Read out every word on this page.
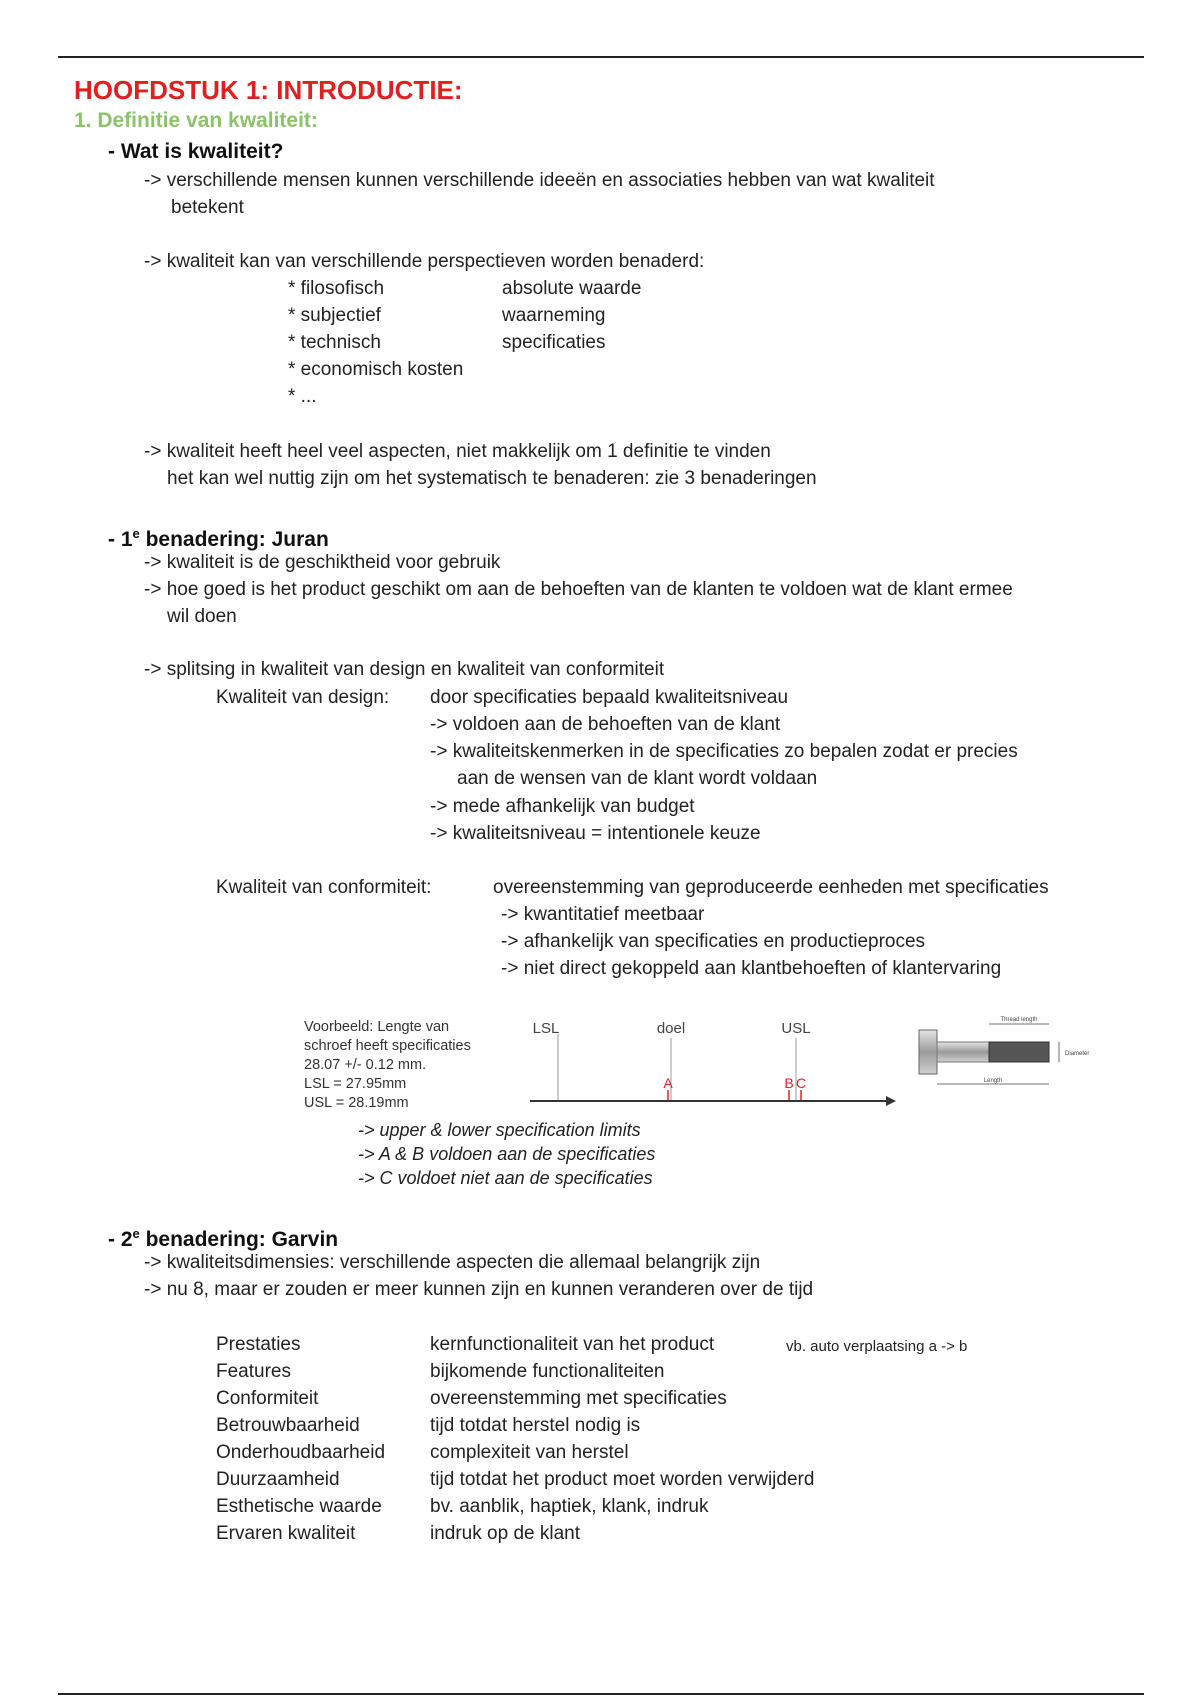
HOOFDSTUK 1: INTRODUCTIE:
1. Definitie van kwaliteit:
- Wat is kwaliteit?
-> verschillende mensen kunnen verschillende ideeën en associaties hebben van wat kwaliteit
betekent
-> kwaliteit kan van verschillende perspectieven worden benaderd:
* filosofisch	absolute waarde
* subjectief	waarneming
* technisch	specificaties
* economisch kosten
* ...
-> kwaliteit heeft heel veel aspecten, niet makkelijk om 1 definitie te vinden
het kan wel nuttig zijn om het systematisch te benaderen: zie 3 benaderingen
- 1e benadering: Juran
-> kwaliteit is de geschiktheid voor gebruik
-> hoe goed is het product geschikt om aan de behoeften van de klanten te voldoen wat de klant ermee
wil doen
-> splitsing in kwaliteit van design en kwaliteit van conformiteit
Kwaliteit van design: door specificaties bepaald kwaliteitsniveau
-> voldoen aan de behoeften van de klant
-> kwaliteitskenmerken in de specificaties zo bepalen zodat er precies
aan de wensen van de klant wordt voldaan
-> mede afhankelijk van budget
-> kwaliteitsniveau = intentionele keuze
Kwaliteit van conformiteit:	overeenstemming van geproduceerde eenheden met specificaties
-> kwantitatief meetbaar
-> afhankelijk van specificaties en productieproces
-> niet direct gekoppeld aan klantbehoeften of klantervaring
Voorbeeld: Lengte van
schroef heeft specificaties
28.07 +/- 0.12 mm.
LSL = 27.95mm
USL = 28.19mm
LSL	doel	USL
A	B C
Thread length
Diameter
Length
-> upper & lower specification limits
-> A & B voldoen aan de specificaties
-> C voldoet niet aan de specificaties
- 2e benadering: Garvin
-> kwaliteitsdimensies: verschillende aspecten die allemaal belangrijk zijn
-> nu 8, maar er zouden er meer kunnen zijn en kunnen veranderen over de tijd
Prestaties	kernfunctionaliteit van het product	vb. auto verplaatsing a -> b
Features	bijkomende functionaliteiten
Conformiteit	overeenstemming met specificaties
Betrouwbaarheid	tijd totdat herstel nodig is
Onderhoudbaarheid complexiteit van herstel
Duurzaamheid	tijd totdat het product moet worden verwijderd
Esthetische waarde	bv. aanblik, haptiek, klank, indruk
Ervaren kwaliteit	indruk op de klant
